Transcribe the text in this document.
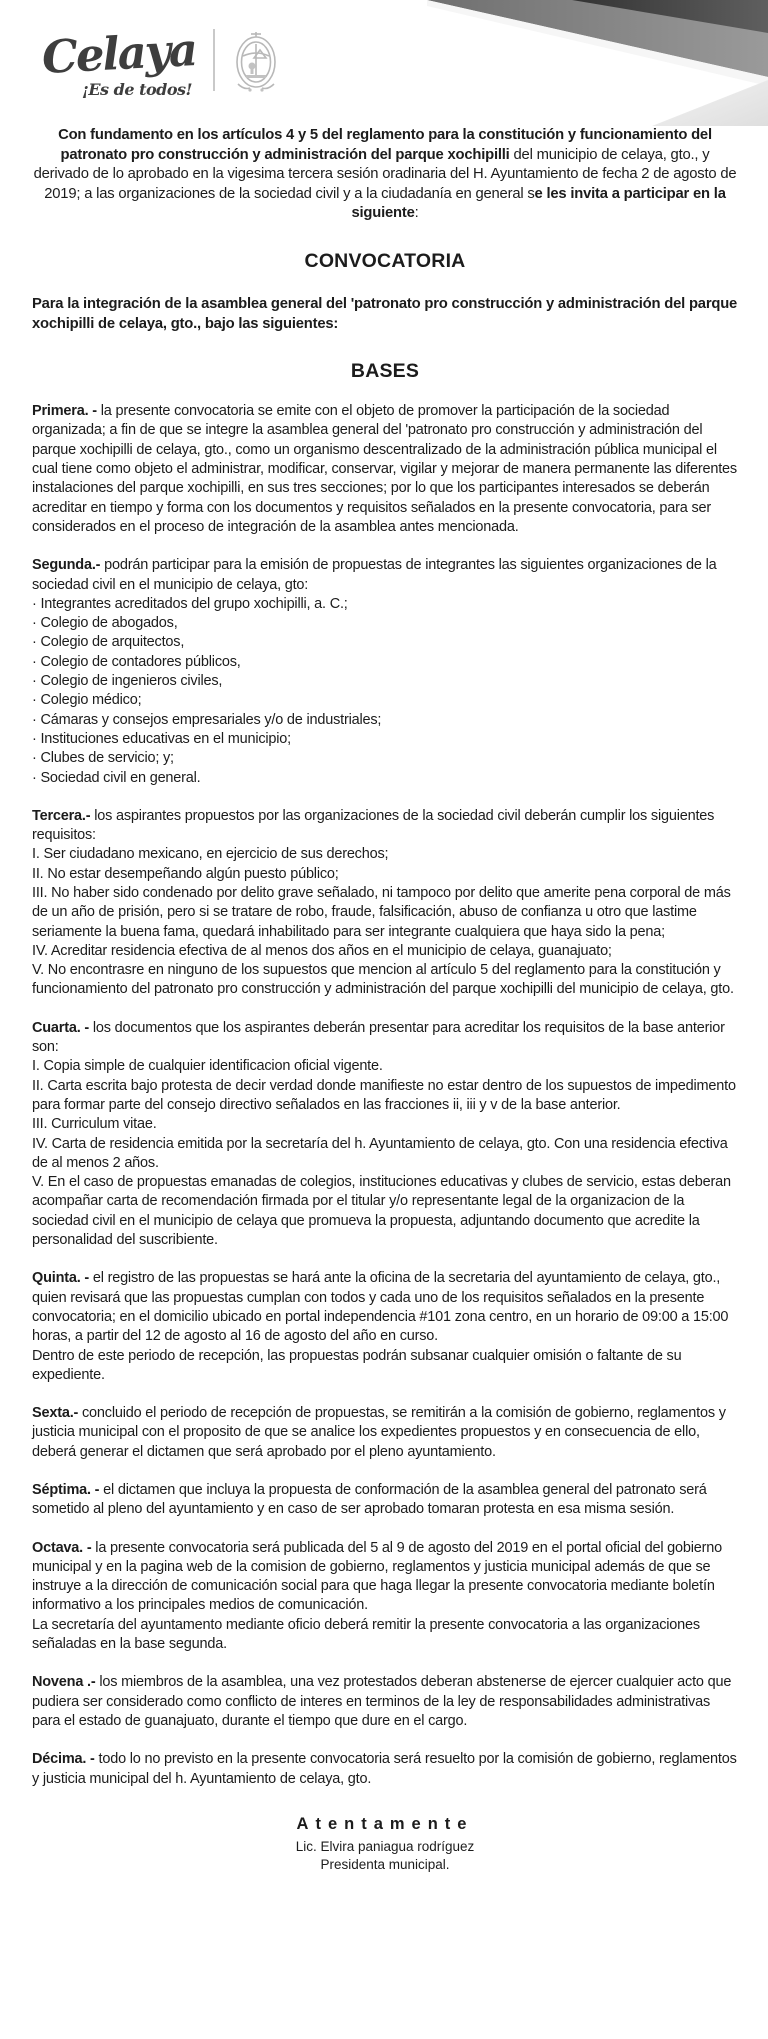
Celaya
¡Es de todos!

Con fundamento en los artículos 4 y 5 del reglamento para la constitución y funcionamiento del patronato pro construcción y administración del parque xochipilli del municipio de celaya, gto., y derivado de lo aprobado en la vigesima tercera sesión oradinaria del H. Ayuntamiento de fecha 2 de agosto de 2019; a las organizaciones de la sociedad civil y a la ciudadanía en general se les invita a participar en la siguiente:

CONVOCATORIA

Para la integración de la asamblea general del 'patronato pro construcción y administración del parque xochipilli de celaya, gto., bajo las siguientes:

BASES

Primera. - la presente convocatoria se emite con el objeto de promover la participación de la sociedad organizada; a fin de que se integre la asamblea general del 'patronato pro construcción y administración del parque xochipilli de celaya, gto., como un organismo descentralizado de la administración pública municipal el cual tiene como objeto el administrar, modificar, conservar, vigilar y mejorar de manera permanente las diferentes instalaciones del parque xochipilli, en sus tres secciones; por lo que los participantes interesados se deberán acreditar en tiempo y forma con los documentos y requisitos señalados en la presente convocatoria, para ser considerados en el proceso de integración de la asamblea antes mencionada.

Segunda.- podrán participar para la emisión de propuestas de integrantes las siguientes organizaciones de la sociedad civil en el municipio de celaya, gto:

· Integrantes acreditados del grupo xochipilli, a. C.;

· Colegio de abogados,

· Colegio de arquitectos,

· Colegio de contadores públicos,

· Colegio de ingenieros civiles,

· Colegio médico;

· Cámaras y consejos empresariales y/o de industriales;

· Instituciones educativas en el municipio;

· Clubes de servicio; y;

· Sociedad civil en general.

Tercera.- los aspirantes propuestos por las organizaciones de la sociedad civil deberán cumplir los siguientes requisitos:

I. Ser ciudadano mexicano, en ejercicio de sus derechos;

II. No estar desempeñando algún puesto público;

III. No haber sido condenado por delito grave señalado, ni tampoco por delito que amerite pena corporal de más de un año de prisión, pero si se tratare de robo, fraude, falsificación, abuso de confianza u otro que lastime seriamente la buena fama, quedará inhabilitado para ser integrante cualquiera que haya sido la pena;

IV. Acreditar residencia efectiva de al menos dos años en el municipio de celaya, guanajuato;

V. No encontrasre en ninguno de los supuestos que mencion al artículo 5 del reglamento para la constitución y funcionamiento del patronato pro construcción y administración del parque xochipilli del municipio de celaya, gto.

Cuarta. - los documentos que los aspirantes deberán presentar para acreditar los requisitos de la base anterior son:

I. Copia simple de cualquier identificacion oficial vigente.

II. Carta escrita bajo protesta de decir verdad donde manifieste no estar dentro de los supuestos de impedimento para formar parte del consejo directivo señalados en las fracciones ii, iii y v de la base anterior.

III. Curriculum vitae.

IV. Carta de residencia emitida por la secretaría del h. Ayuntamiento de celaya, gto. Con una residencia efectiva de al menos 2 años.

V. En el caso de propuestas emanadas de colegios, instituciones educativas y clubes de servicio, estas deberan acompañar carta de recomendación firmada por el titular y/o representante legal de la organizacion de la sociedad civil en el municipio de celaya que promueva la propuesta, adjuntando documento que acredite la personalidad del suscribiente.

Quinta. - el registro de las propuestas se hará ante la oficina de la secretaria del ayuntamiento de celaya, gto., quien revisará que las propuestas cumplan con todos y cada uno de los requisitos señalados en la presente convocatoria; en el domicilio ubicado en portal independencia #101 zona centro, en un horario de 09:00 a 15:00 horas, a partir del 12 de agosto al 16 de agosto del año en curso.

Dentro de este periodo de recepción, las propuestas podrán subsanar cualquier omisión o faltante de su expediente.

Sexta.- concluido el periodo de recepción de propuestas, se remitirán a la comisión de gobierno, reglamentos y justicia municipal con el proposito de que se analice los expedientes propuestos y en consecuencia de ello, deberá generar el dictamen que será aprobado por el pleno ayuntamiento.

Séptima. - el dictamen que incluya la propuesta de conformación de la asamblea general del patronato será sometido al pleno del ayuntamiento y en caso de ser aprobado tomaran protesta en esa misma sesión.

Octava. - la presente convocatoria será publicada del 5 al 9 de agosto del 2019 en el portal oficial del gobierno municipal y en la pagina web de la comision de gobierno, reglamentos y justicia municipal además de que se instruye a la dirección de comunicación social para que haga llegar la presente convocatoria mediante boletín informativo a los principales medios de comunicación.

La secretaría del ayuntamento mediante oficio deberá remitir la presente convocatoria a las organizaciones señaladas en la base segunda.

Novena .- los miembros de la asamblea, una vez protestados deberan abstenerse de ejercer cualquier acto que pudiera ser considerado como conflicto de interes en terminos de la ley de responsabilidades administrativas para el estado de guanajuato, durante el tiempo que dure en el cargo.

Décima. - todo lo no previsto en la presente convocatoria será resuelto por la comisión de gobierno, reglamentos y justicia municipal del h. Ayuntamiento de celaya, gto.

Atentamente

Lic. Elvira paniagua rodríguez

Presidenta municipal.
